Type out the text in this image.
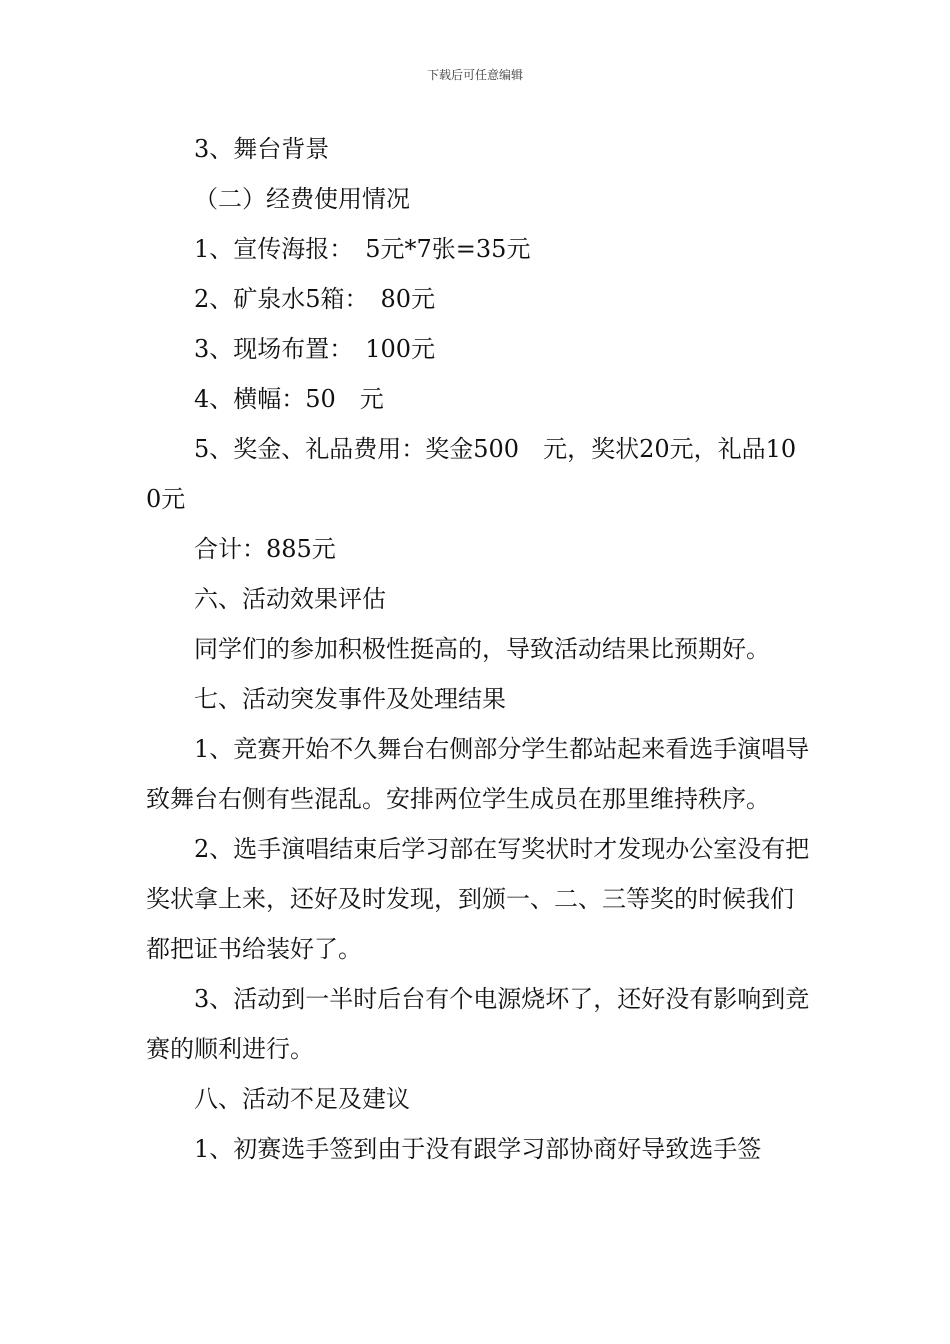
下载后可任意编辑

3、舞台背景

（二）经费使用情况

1、宣传海报：　5元*7张=35元

2、矿泉水5箱：　80元

3、现场布置：　100元

4、横幅：50　元

5、奖金、礼品费用：奖金500　元，奖状20元，礼品100元

合计：885元

六、活动效果评估

同学们的参加积极性挺高的，导致活动结果比预期好。

七、活动突发事件及处理结果

1、竞赛开始不久舞台右侧部分学生都站起来看选手演唱导致舞台右侧有些混乱。安排两位学生成员在那里维持秩序。

2、选手演唱结束后学习部在写奖状时才发现办公室没有把奖状拿上来，还好及时发现，到颁一、二、三等奖的时候我们都把证书给装好了。

3、活动到一半时后台有个电源烧坏了，还好没有影响到竞赛的顺利进行。

八、活动不足及建议

1、初赛选手签到由于没有跟学习部协商好导致选手签
